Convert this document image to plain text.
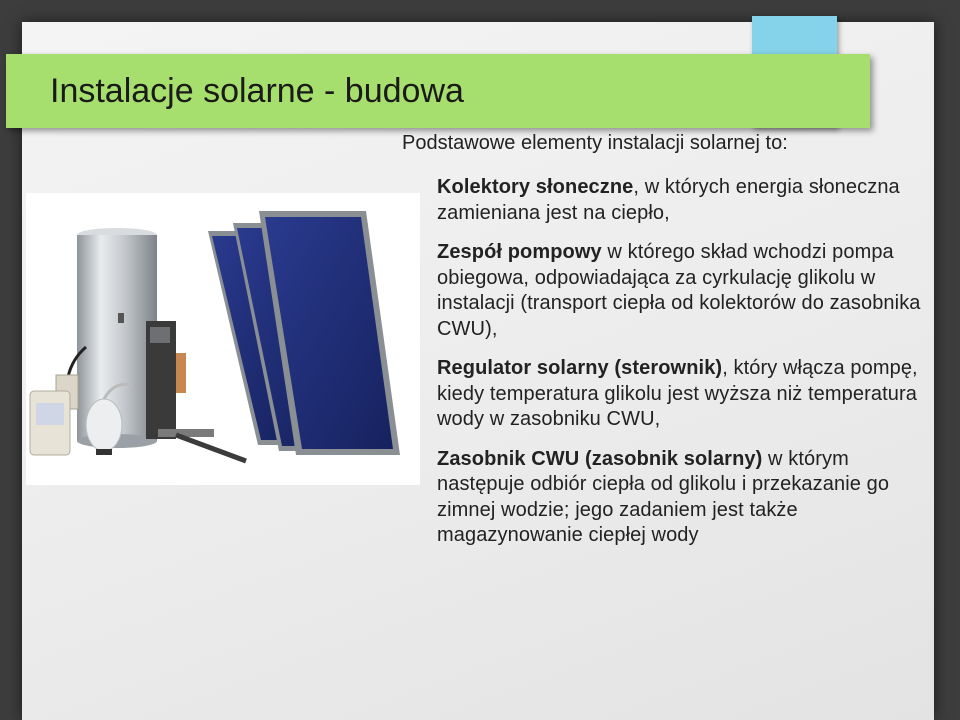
Instalacje solarne - budowa

Podstawowe elementy instalacji solarnej to:

Kolektory słoneczne, w których energia słoneczna zamieniana jest na ciepło,
Zespół pompowy w którego skład wchodzi pompa obiegowa, odpowiadająca za cyrkulację glikolu w instalacji (transport ciepła od kolektorów do zasobnika CWU),
Regulator solarny (sterownik), który włącza pompę, kiedy temperatura glikolu jest wyższa niż temperatura wody w zasobniku CWU,
Zasobnik CWU (zasobnik solarny) w którym następuje odbiór ciepła od glikolu i przekazanie go zimnej wodzie; jego zadaniem jest także magazynowanie ciepłej wody
